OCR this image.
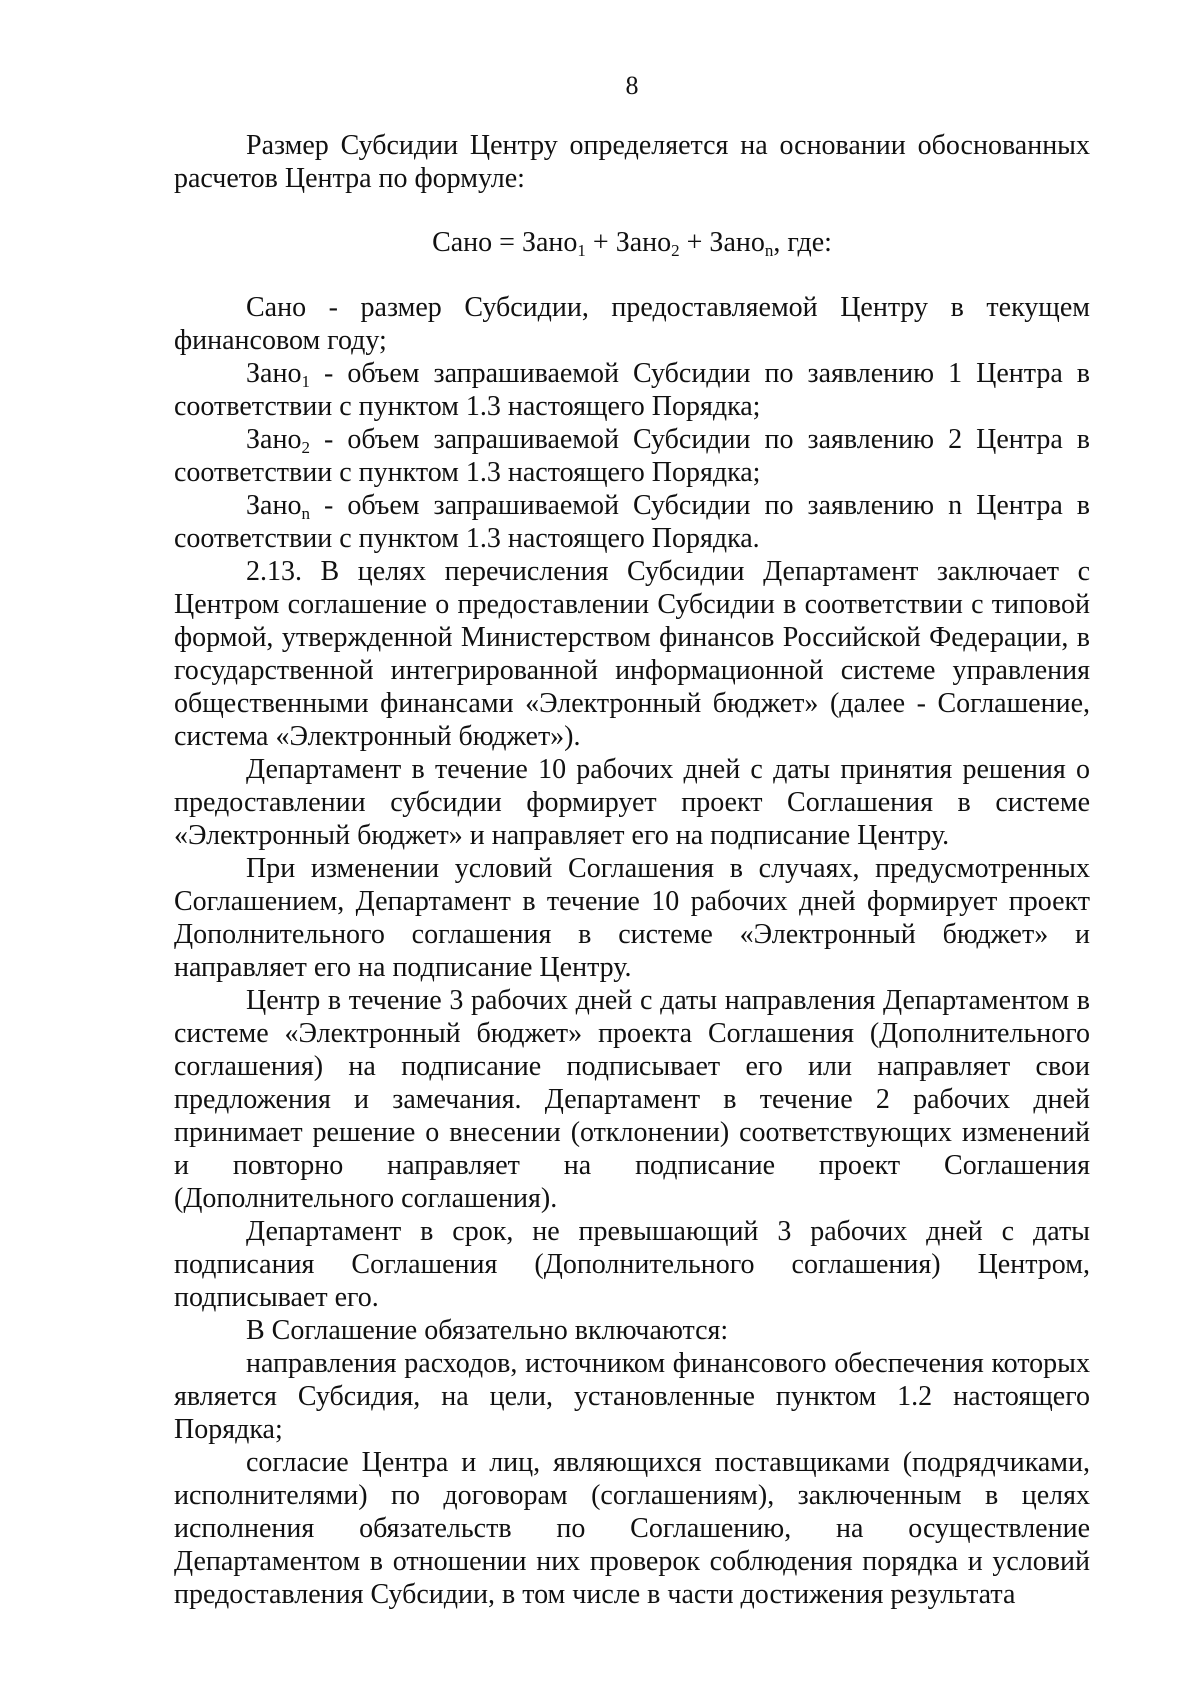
8

Размер Субсидии Центру определяется на основании обоснованных расчетов Центра по формуле:

Сано = Зано$_1$ + Зано$_2$ + Зано$_n$, где:

Сано - размер Субсидии, предоставляемой Центру в текущем финансовом году;

Зано$_1$ - объем запрашиваемой Субсидии по заявлению 1 Центра в соответствии с пунктом 1.3 настоящего Порядка;

Зано$_2$ - объем запрашиваемой Субсидии по заявлению 2 Центра в соответствии с пунктом 1.3 настоящего Порядка;

Зано$_n$ - объем запрашиваемой Субсидии по заявлению n Центра в соответствии с пунктом 1.3 настоящего Порядка.

2.13. В целях перечисления Субсидии Департамент заключает с Центром соглашение о предоставлении Субсидии в соответствии с типовой формой, утвержденной Министерством финансов Российской Федерации, в государственной интегрированной информационной системе управления общественными финансами «Электронный бюджет» (далее - Соглашение, система «Электронный бюджет»).

Департамент в течение 10 рабочих дней с даты принятия решения о предоставлении субсидии формирует проект Соглашения в системе «Электронный бюджет» и направляет его на подписание Центру.

При изменении условий Соглашения в случаях, предусмотренных Соглашением, Департамент в течение 10 рабочих дней формирует проект Дополнительного соглашения в системе «Электронный бюджет» и направляет его на подписание Центру.

Центр в течение 3 рабочих дней с даты направления Департаментом в системе «Электронный бюджет» проекта Соглашения (Дополнительного соглашения) на подписание подписывает его или направляет свои предложения и замечания. Департамент в течение 2 рабочих дней принимает решение о внесении (отклонении) соответствующих изменений и повторно направляет на подписание проект Соглашения (Дополнительного соглашения).

Департамент в срок, не превышающий 3 рабочих дней с даты подписания Соглашения (Дополнительного соглашения) Центром, подписывает его.

В Соглашение обязательно включаются:

направления расходов, источником финансового обеспечения которых является Субсидия, на цели, установленные пунктом 1.2 настоящего Порядка;

согласие Центра и лиц, являющихся поставщиками (подрядчиками, исполнителями) по договорам (соглашениям), заключенным в целях исполнения обязательств по Соглашению, на осуществление Департаментом в отношении них проверок соблюдения порядка и условий предоставления Субсидии, в том числе в части достижения результата
